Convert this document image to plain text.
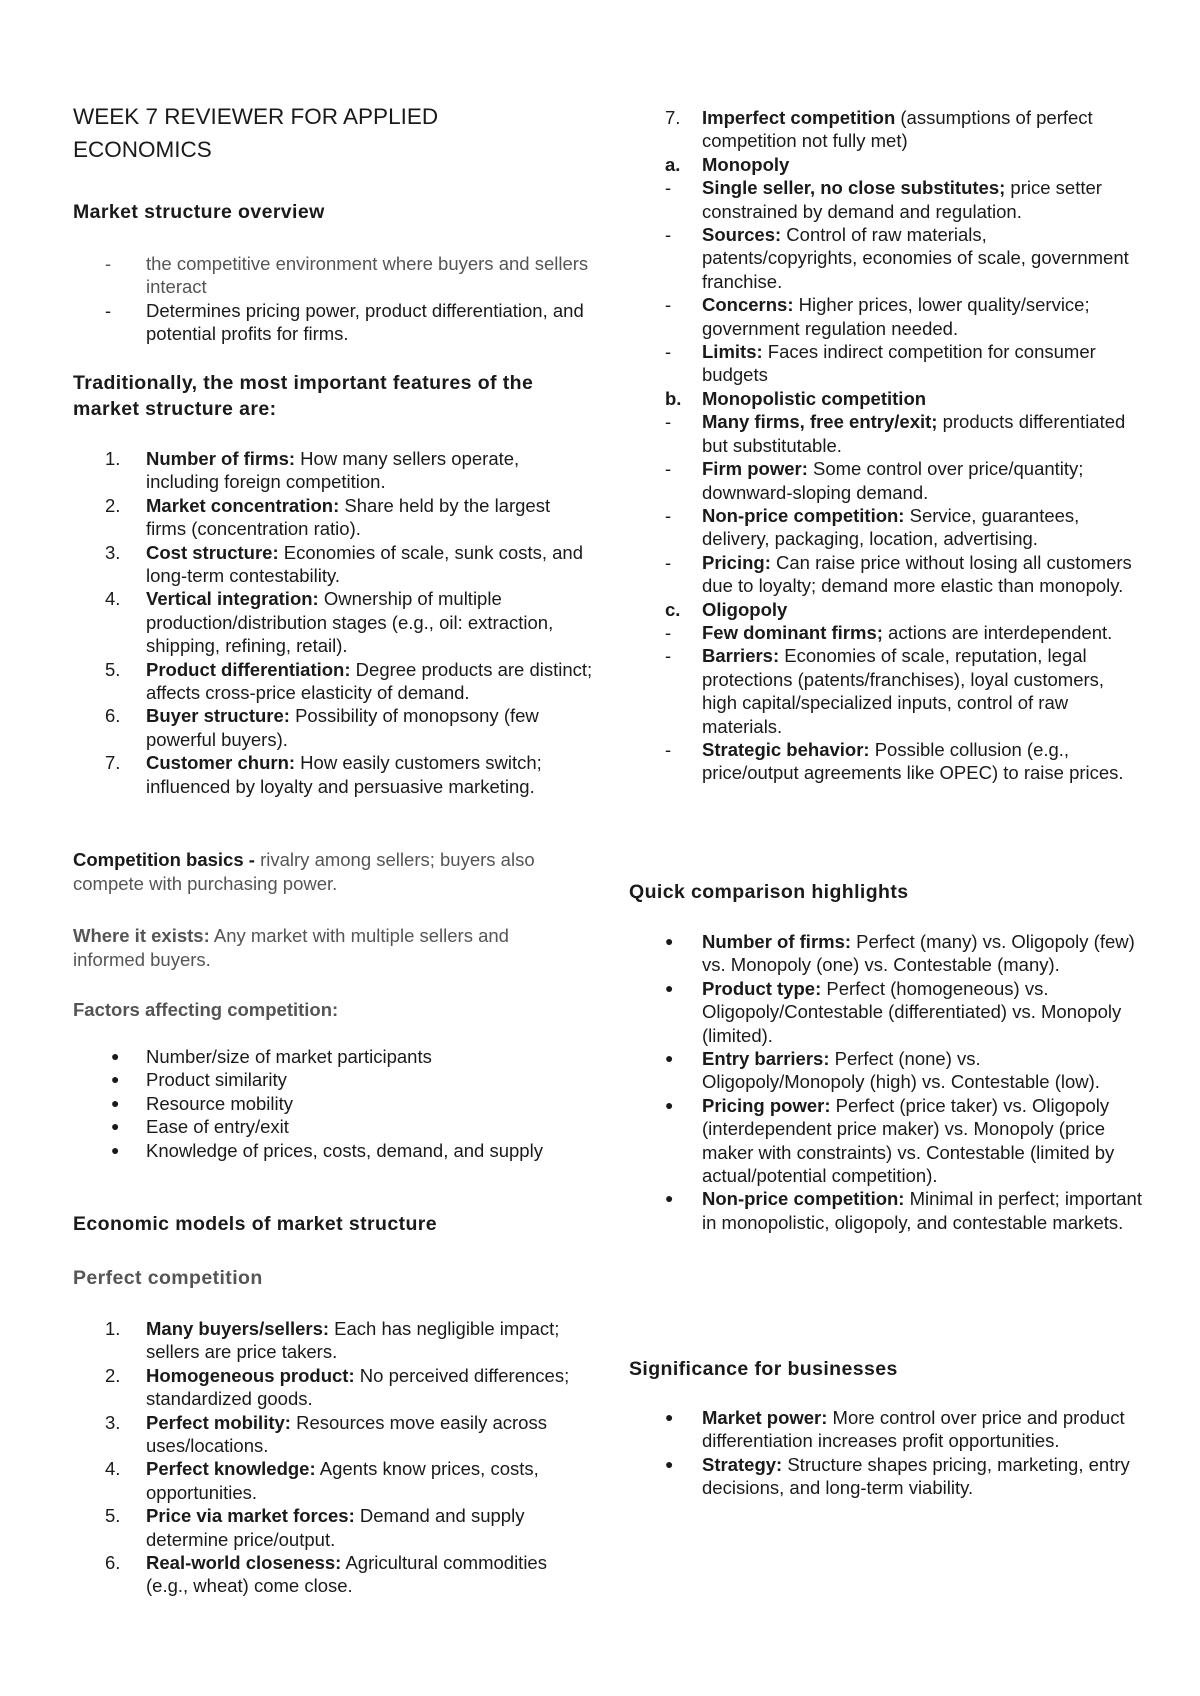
WEEK 7 REVIEWER FOR APPLIED ECONOMICS
Market structure overview
-	the competitive environment where buyers and sellers interact
-	Determines pricing power, product differentiation, and potential profits for firms.
Traditionally, the most important features of the market structure are:
1.	Number of firms: How many sellers operate, including foreign competition.
2.	Market concentration: Share held by the largest firms (concentration ratio).
3.	Cost structure: Economies of scale, sunk costs, and long-term contestability.
4.	Vertical integration: Ownership of multiple production/distribution stages (e.g., oil: extraction, shipping, refining, retail).
5.	Product differentiation: Degree products are distinct; affects cross-price elasticity of demand.
6.	Buyer structure: Possibility of monopsony (few powerful buyers).
7.	Customer churn: How easily customers switch; influenced by loyalty and persuasive marketing.
Competition basics - rivalry among sellers; buyers also compete with purchasing power.
Where it exists: Any market with multiple sellers and informed buyers.
Factors affecting competition:
●	Number/size of market participants
●	Product similarity
●	Resource mobility
●	Ease of entry/exit
●	Knowledge of prices, costs, demand, and supply
Economic models of market structure
Perfect competition
1.	Many buyers/sellers: Each has negligible impact; sellers are price takers.
2.	Homogeneous product: No perceived differences; standardized goods.
3.	Perfect mobility: Resources move easily across uses/locations.
4.	Perfect knowledge: Agents know prices, costs, opportunities.
5.	Price via market forces: Demand and supply determine price/output.
6.	Real-world closeness: Agricultural commodities (e.g., wheat) come close.
7. Imperfect competition (assumptions of perfect competition not fully met)
a. Monopoly
- Single seller, no close substitutes; price setter constrained by demand and regulation.
- Sources: Control of raw materials, patents/copyrights, economies of scale, government franchise.
- Concerns: Higher prices, lower quality/service; government regulation needed.
- Limits: Faces indirect competition for consumer budgets
b. Monopolistic competition
- Many firms, free entry/exit; products differentiated but substitutable.
- Firm power: Some control over price/quantity; downward-sloping demand.
- Non-price competition: Service, guarantees, delivery, packaging, location, advertising.
- Pricing: Can raise price without losing all customers due to loyalty; demand more elastic than monopoly.
c. Oligopoly
- Few dominant firms; actions are interdependent.
- Barriers: Economies of scale, reputation, legal protections (patents/franchises), loyal customers, high capital/specialized inputs, control of raw materials.
- Strategic behavior: Possible collusion (e.g., price/output agreements like OPEC) to raise prices.
Quick comparison highlights
● Number of firms: Perfect (many) vs. Oligopoly (few) vs. Monopoly (one) vs. Contestable (many).
● Product type: Perfect (homogeneous) vs. Oligopoly/Contestable (differentiated) vs. Monopoly (limited).
● Entry barriers: Perfect (none) vs. Oligopoly/Monopoly (high) vs. Contestable (low).
● Pricing power: Perfect (price taker) vs. Oligopoly (interdependent price maker) vs. Monopoly (price maker with constraints) vs. Contestable (limited by actual/potential competition).
● Non-price competition: Minimal in perfect; important in monopolistic, oligopoly, and contestable markets.
Significance for businesses
● Market power: More control over price and product differentiation increases profit opportunities.
● Strategy: Structure shapes pricing, marketing, entry decisions, and long-term viability.
